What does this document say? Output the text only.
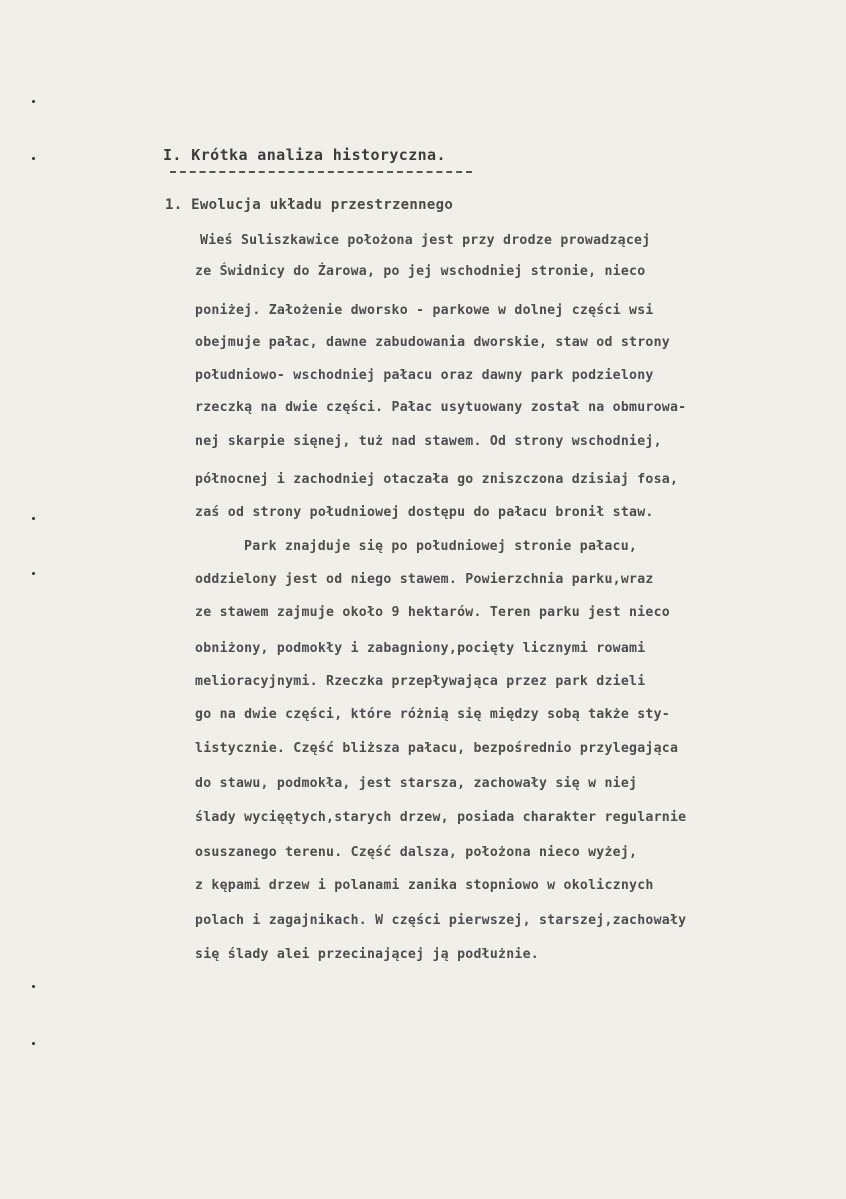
I. Krótka analiza historyczna.
1. Ewolucja układu przestrzennego
Wieś Suliszkawice położona jest przy drodze prowadzącej
ze Świdnicy do Żarowa, po jej wschodniej stronie, nieco
poniżej. Założenie dworsko - parkowe w dolnej części wsi
obejmuje pałac, dawne zabudowania dworskie, staw od strony
południowo- wschodniej pałacu oraz dawny park podzielony
rzeczką na dwie części. Pałac usytuowany został na obmurowa-
nej skarpie sięnej, tuż nad stawem. Od strony wschodniej,
północnej i zachodniej otaczała go zniszczona dzisiaj fosa,
zaś od strony południowej dostępu do pałacu bronił staw.
Park znajduje się po południowej stronie pałacu,
oddzielony jest od niego stawem. Powierzchnia parku,wraz
ze stawem zajmuje około 9 hektarów. Teren parku jest nieco
obniżony, podmokły i zabagniony,pocięty licznymi rowami
melioracyjnymi. Rzeczka przepływająca przez park dzieli
go na dwie części, które różnią się między sobą także sty-
listycznie. Część bliższa pałacu, bezpośrednio przylegająca
do stawu, podmokła, jest starsza, zachowały się w niej
ślady wycięętych,starych drzew, posiada charakter regularnie
osuszanego terenu. Część dalsza, położona nieco wyżej,
z kępami drzew i polanami zanika stopniowo w okolicznych
polach i zagajnikach. W części pierwszej, starszej,zachowały
się ślady alei przecinającej ją podłużnie.
